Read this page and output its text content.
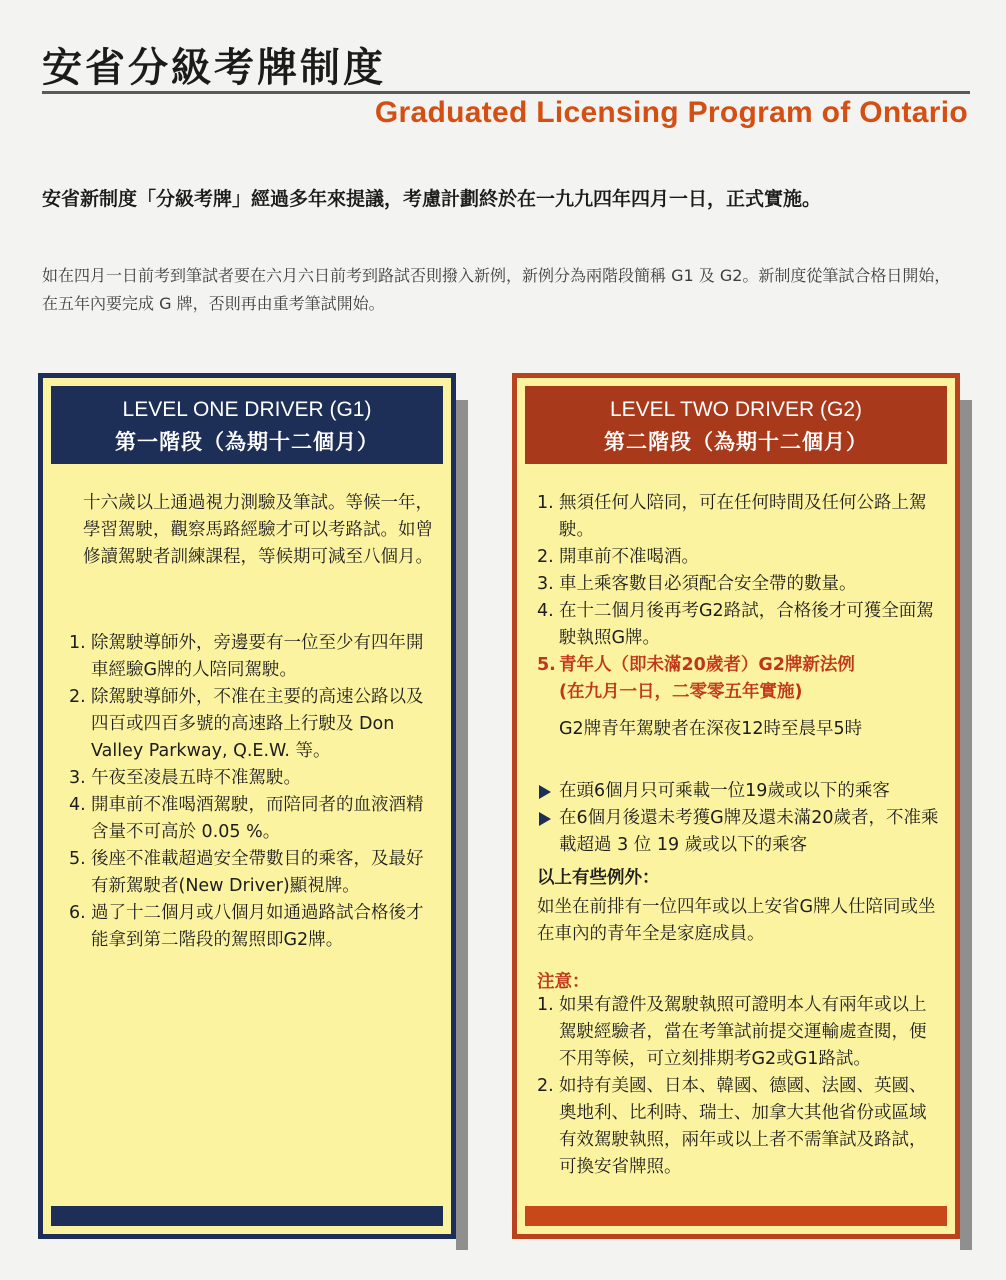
安省分級考牌制度
Graduated Licensing Program of Ontario

安省新制度「分級考牌」經過多年來提議，考慮計劃終於在一九九四年四月一日，正式實施。

如在四月一日前考到筆試者要在六月六日前考到路試否則撥入新例，新例分為兩階段簡稱 G1 及 G2。新制度從筆試合格日開始，在五年內要完成 G 牌，否則再由重考筆試開始。

LEVEL ONE DRIVER (G1)
第一階段（為期十二個月）

十六歲以上通過視力測驗及筆試。等候一年，學習駕駛，觀察馬路經驗才可以考路試。如曾修讀駕駛者訓練課程，等候期可減至八個月。

1. 除駕駛導師外，旁邊要有一位至少有四年開車經驗G牌的人陪同駕駛。
2. 除駕駛導師外，不准在主要的高速公路以及四百或四百多號的高速路上行駛及 Don Valley Parkway, Q.E.W. 等。
3. 午夜至凌晨五時不准駕駛。
4. 開車前不准喝酒駕駛，而陪同者的血液酒精含量不可高於 0.05 %。
5. 後座不准載超過安全帶數目的乘客，及最好有新駕駛者(New Driver)顯視牌。
6. 過了十二個月或八個月如通過路試合格後才能拿到第二階段的駕照即G2牌。
LEVEL TWO DRIVER (G2)
第二階段（為期十二個月）
1. 無須任何人陪同，可在任何時間及任何公路上駕駛。
2. 開車前不准喝酒。
3. 車上乘客數目必須配合安全帶的數量。
4. 在十二個月後再考G2路試，合格後才可獲全面駕駛執照G牌。
5. 青年人（即未滿20歲者）G2牌新法例
(在九月一日，二零零五年實施)
G2牌青年駕駛者在深夜12時至晨早5時
在頭6個月只可乘載一位19歲或以下的乘客
在6個月後還未考獲G牌及還未滿20歲者，不准乘載超過 3 位 19 歲或以下的乘客

以上有些例外：

如坐在前排有一位四年或以上安省G牌人仕陪同或坐在車內的青年全是家庭成員。

注意：

1. 如果有證件及駕駛執照可證明本人有兩年或以上駕駛經驗者，當在考筆試前提交運輸處查閱，便不用等候，可立刻排期考G2或G1路試。
2. 如持有美國、日本、韓國、德國、法國、英國、奧地利、比利時、瑞士、加拿大其他省份或區域有效駕駛執照，兩年或以上者不需筆試及路試，可換安省牌照。
